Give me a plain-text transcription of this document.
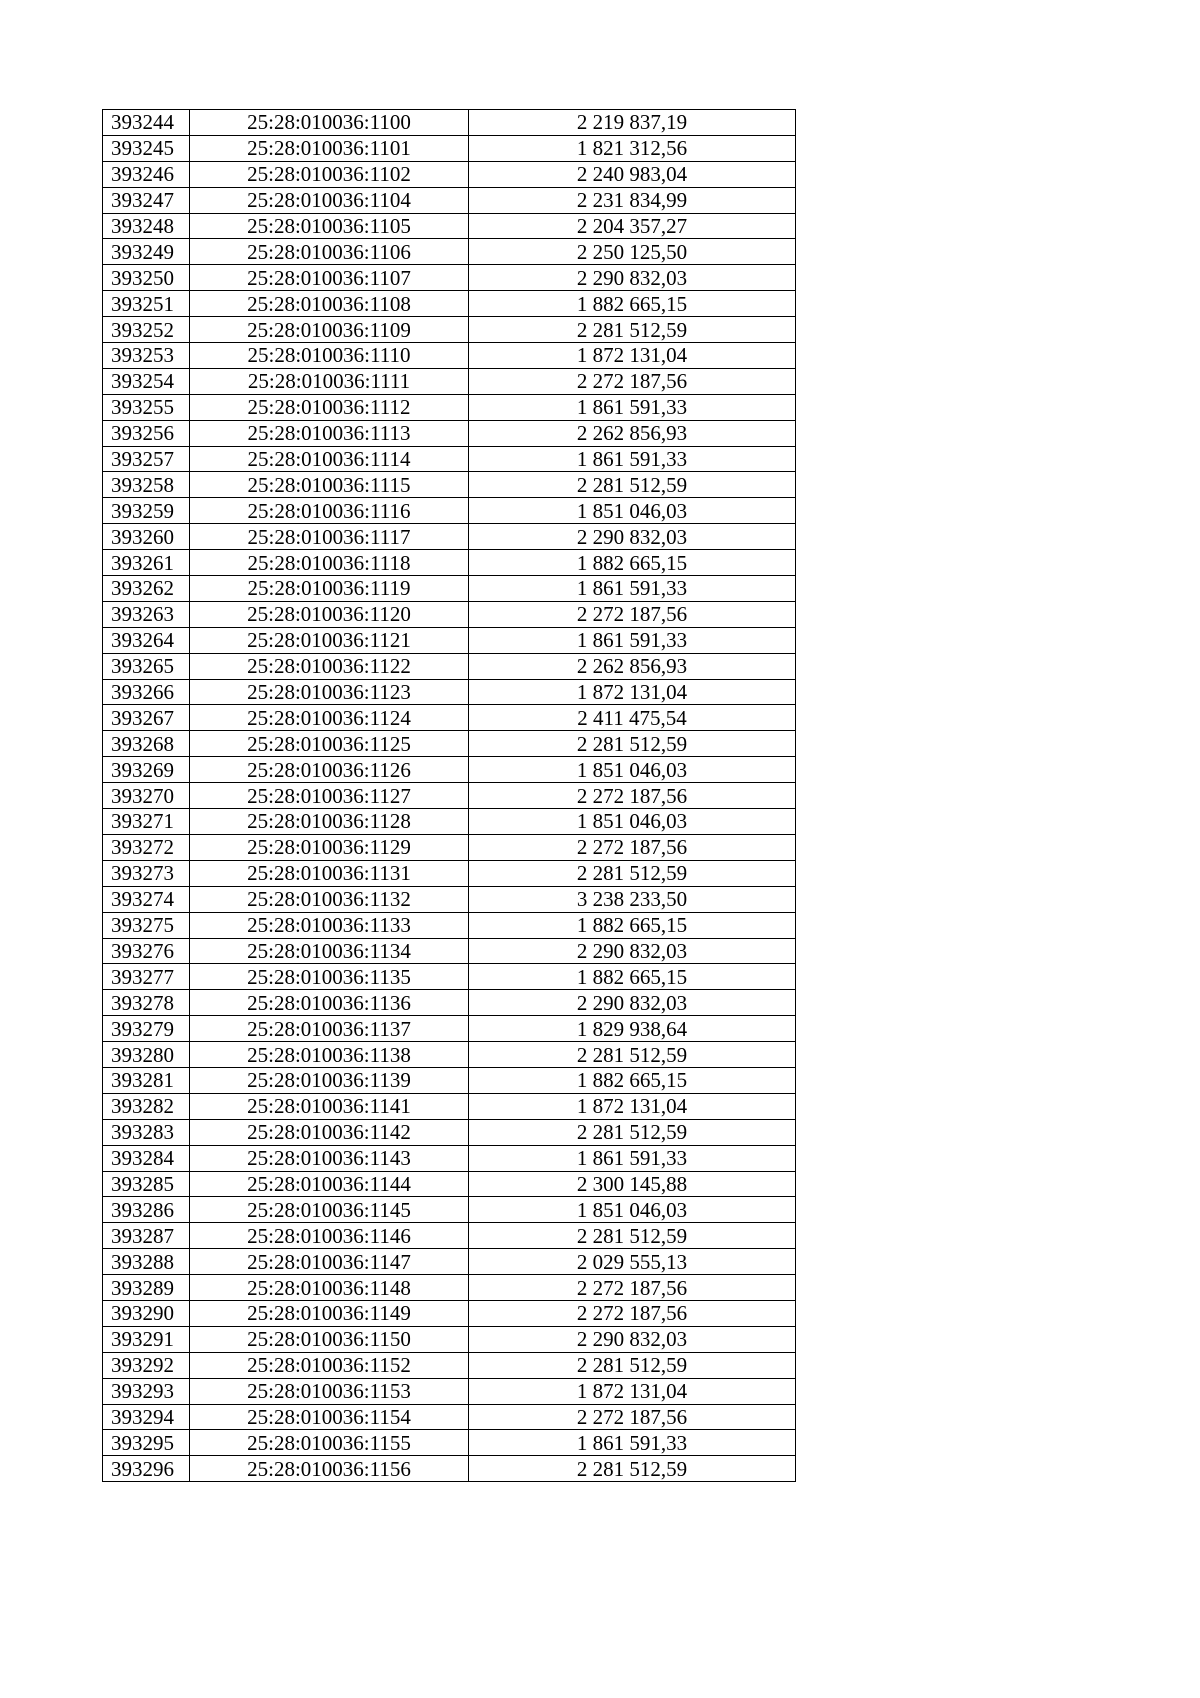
393244	25:28:010036:1100	2 219 837,19
393245	25:28:010036:1101	1 821 312,56
393246	25:28:010036:1102	2 240 983,04
393247	25:28:010036:1104	2 231 834,99
393248	25:28:010036:1105	2 204 357,27
393249	25:28:010036:1106	2 250 125,50
393250	25:28:010036:1107	2 290 832,03
393251	25:28:010036:1108	1 882 665,15
393252	25:28:010036:1109	2 281 512,59
393253	25:28:010036:1110	1 872 131,04
393254	25:28:010036:1111	2 272 187,56
393255	25:28:010036:1112	1 861 591,33
393256	25:28:010036:1113	2 262 856,93
393257	25:28:010036:1114	1 861 591,33
393258	25:28:010036:1115	2 281 512,59
393259	25:28:010036:1116	1 851 046,03
393260	25:28:010036:1117	2 290 832,03
393261	25:28:010036:1118	1 882 665,15
393262	25:28:010036:1119	1 861 591,33
393263	25:28:010036:1120	2 272 187,56
393264	25:28:010036:1121	1 861 591,33
393265	25:28:010036:1122	2 262 856,93
393266	25:28:010036:1123	1 872 131,04
393267	25:28:010036:1124	2 411 475,54
393268	25:28:010036:1125	2 281 512,59
393269	25:28:010036:1126	1 851 046,03
393270	25:28:010036:1127	2 272 187,56
393271	25:28:010036:1128	1 851 046,03
393272	25:28:010036:1129	2 272 187,56
393273	25:28:010036:1131	2 281 512,59
393274	25:28:010036:1132	3 238 233,50
393275	25:28:010036:1133	1 882 665,15
393276	25:28:010036:1134	2 290 832,03
393277	25:28:010036:1135	1 882 665,15
393278	25:28:010036:1136	2 290 832,03
393279	25:28:010036:1137	1 829 938,64
393280	25:28:010036:1138	2 281 512,59
393281	25:28:010036:1139	1 882 665,15
393282	25:28:010036:1141	1 872 131,04
393283	25:28:010036:1142	2 281 512,59
393284	25:28:010036:1143	1 861 591,33
393285	25:28:010036:1144	2 300 145,88
393286	25:28:010036:1145	1 851 046,03
393287	25:28:010036:1146	2 281 512,59
393288	25:28:010036:1147	2 029 555,13
393289	25:28:010036:1148	2 272 187,56
393290	25:28:010036:1149	2 272 187,56
393291	25:28:010036:1150	2 290 832,03
393292	25:28:010036:1152	2 281 512,59
393293	25:28:010036:1153	1 872 131,04
393294	25:28:010036:1154	2 272 187,56
393295	25:28:010036:1155	1 861 591,33
393296	25:28:010036:1156	2 281 512,59
